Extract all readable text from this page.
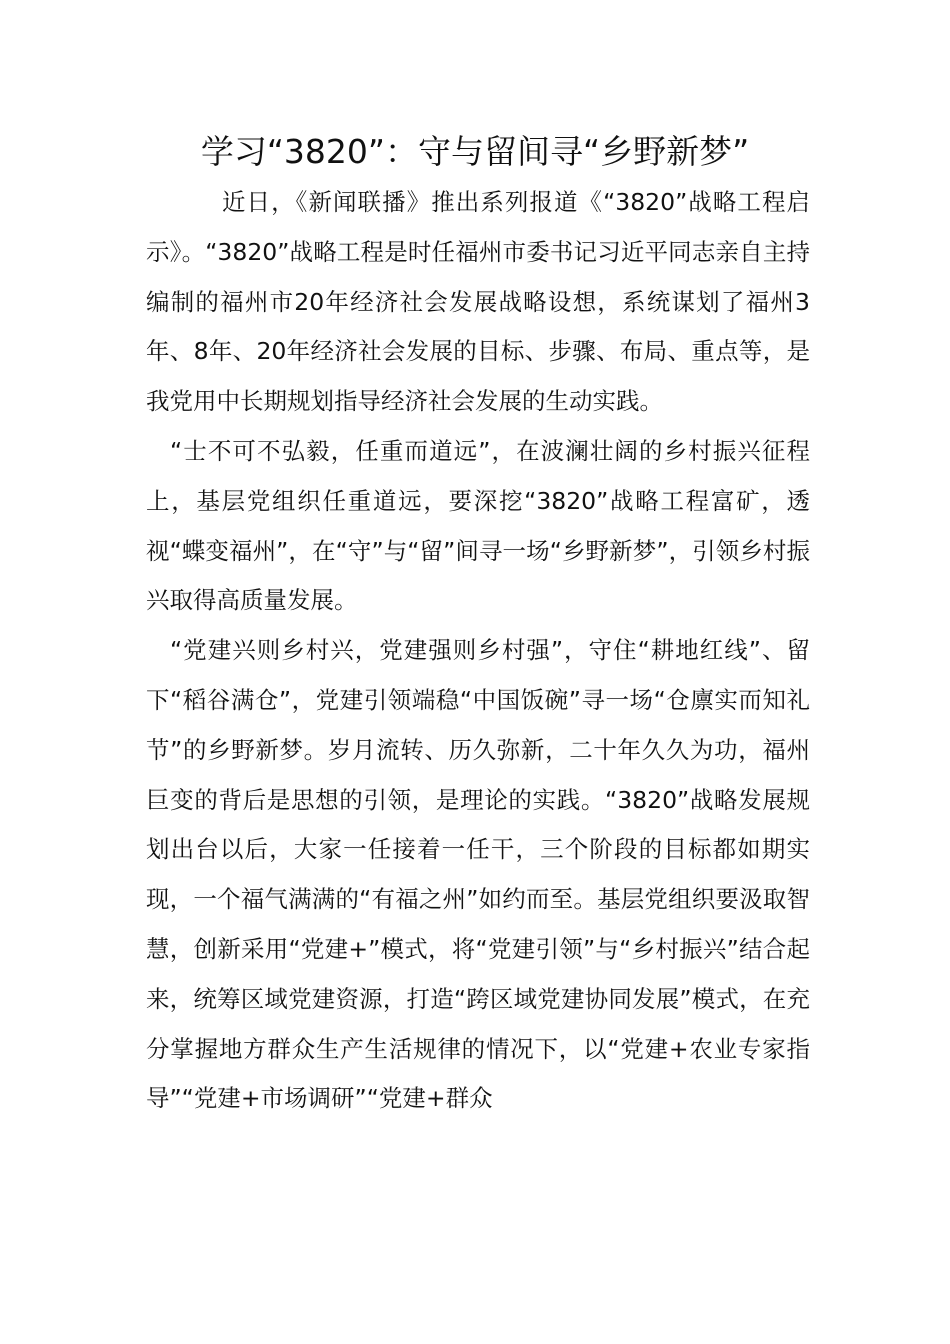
学习“3820”：守与留间寻“乡野新梦”

近日，《新闻联播》推出系列报道《“3820”战略工程启示》。“3820”战略工程是时任福州市委书记习近平同志亲自主持编制的福州市20年经济社会发展战略设想，系统谋划了福州3年、8年、20年经济社会发展的目标、步骤、布局、重点等，是我党用中长期规划指导经济社会发展的生动实践。

“士不可不弘毅，任重而道远”，在波澜壮阔的乡村振兴征程上，基层党组织任重道远，要深挖“3820”战略工程富矿，透视“蝶变福州”，在“守”与“留”间寻一场“乡野新梦”，引领乡村振兴取得高质量发展。

“党建兴则乡村兴，党建强则乡村强”，守住“耕地红线”、留下“稻谷满仓”，党建引领端稳“中国饭碗”寻一场“仓廪实而知礼节”的乡野新梦。岁月流转、历久弥新，二十年久久为功，福州巨变的背后是思想的引领，是理论的实践。“3820”战略发展规划出台以后，大家一任接着一任干，三个阶段的目标都如期实现，一个福气满满的“有福之州”如约而至。基层党组织要汲取智慧，创新采用“党建+”模式，将“党建引领”与“乡村振兴”结合起来，统筹区域党建资源，打造“跨区域党建协同发展”模式，在充分掌握地方群众生产生活规律的情况下，以“党建+农业专家指导”“党建+市场调研”“党建+群众
